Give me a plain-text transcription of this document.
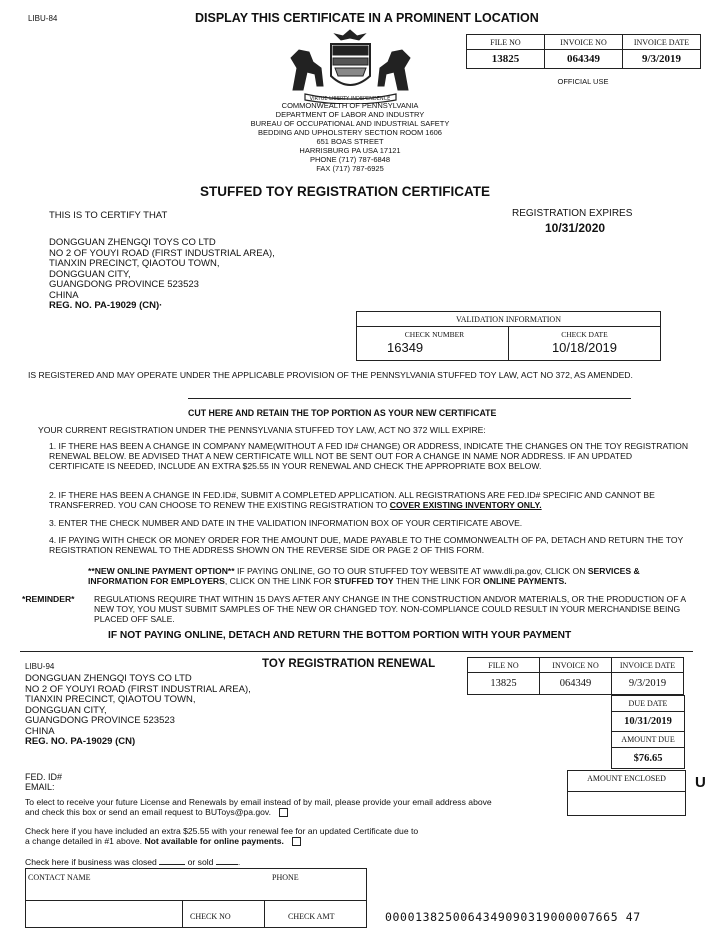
LIBU-84	DISPLAY THIS CERTIFICATE IN A PROMINENT LOCATION
VIRTUE LIBERTY INDEPENDENCE
FILE NO	INVOICE NO	INVOICE DATE
13825	064349	9/3/2019
OFFICIAL USE
COMMONWEALTH OF PENNSYLVANIA
DEPARTMENT OF LABOR AND INDUSTRY
BUREAU OF OCCUPATIONAL AND INDUSTRIAL SAFETY
BEDDING AND UPHOLSTERY SECTION ROOM 1606
651 BOAS STREET
HARRISBURG PA USA 17121
PHONE (717) 787-6848
FAX (717) 787-6925
STUFFED TOY REGISTRATION CERTIFICATE
THIS IS TO CERTIFY THAT	REGISTRATION EXPIRES
10/31/2020
DONGGUAN ZHENGQI TOYS CO LTD
NO 2 OF YOUYI ROAD (FIRST INDUSTRIAL AREA),
TIANXIN PRECINCT, QIAOTOU TOWN,
DONGGUAN CITY,
GUANGDONG PROVINCE 523523
CHINA
REG. NO. PA-19029 (CN)·
VALIDATION INFORMATION

CHECK NUMBER
16349

CHECK DATE
10/18/2019
IS REGISTERED AND MAY OPERATE UNDER THE APPLICABLE PROVISION OF THE PENNSYLVANIA STUFFED TOY LAW, ACT NO 372, AS AMENDED.
CUT HERE AND RETAIN THE TOP PORTION AS YOUR NEW CERTIFICATE
YOUR CURRENT REGISTRATION UNDER THE PENNSYLVANIA STUFFED TOY LAW, ACT NO 372 WILL EXPIRE:
1. IF THERE HAS BEEN A CHANGE IN COMPANY NAME(WITHOUT A FED ID# CHANGE) OR ADDRESS, INDICATE THE CHANGES ON THE TOY REGISTRATION RENEWAL BELOW. BE ADVISED THAT A NEW CERTIFICATE WILL NOT BE SENT OUT FOR A CHANGE IN NAME NOR ADDRESS. IF AN UPDATED CERTIFICATE IS NEEDED, INCLUDE AN EXTRA $25.55 IN YOUR RENEWAL AND CHECK THE APPROPRIATE BOX BELOW.
2. IF THERE HAS BEEN A CHANGE IN FED.ID#, SUBMIT A COMPLETED APPLICATION. ALL REGISTRATIONS ARE FED.ID# SPECIFIC AND CANNOT BE TRANSFERRED. YOU CAN CHOOSE TO RENEW THE EXISTING REGISTRATION TO COVER EXISTING INVENTORY ONLY.
3. ENTER THE CHECK NUMBER AND DATE IN THE VALIDATION INFORMATION BOX OF YOUR CERTIFICATE ABOVE.
4. IF PAYING WITH CHECK OR MONEY ORDER FOR THE AMOUNT DUE, MADE PAYABLE TO THE COMMONWEALTH OF PA, DETACH AND RETURN THE TOY REGISTRATION RENEWAL TO THE ADDRESS SHOWN ON THE REVERSE SIDE OR PAGE 2 OF THIS FORM.
**NEW ONLINE PAYMENT OPTION** IF PAYING ONLINE, GO TO OUR STUFFED TOY WEBSITE AT www.dli.pa.gov, CLICK ON SERVICES & INFORMATION FOR EMPLOYERS, CLICK ON THE LINK FOR STUFFED TOY THEN THE LINK FOR ONLINE PAYMENTS.
*REMINDER* REGULATIONS REQUIRE THAT WITHIN 15 DAYS AFTER ANY CHANGE IN THE CONSTRUCTION AND/OR MATERIALS, OR THE PRODUCTION OF A NEW TOY, YOU MUST SUBMIT SAMPLES OF THE NEW OR CHANGED TOY. NON-COMPLIANCE COULD RESULT IN YOUR MERCHANDISE BEING PLACED OFF SALE.
IF NOT PAYING ONLINE, DETACH AND RETURN THE BOTTOM PORTION WITH YOUR PAYMENT
LIBU-94	TOY REGISTRATION RENEWAL
DONGGUAN ZHENGQI TOYS CO LTD
NO 2 OF YOUYI ROAD (FIRST INDUSTRIAL AREA),
TIANXIN PRECINCT, QIAOTOU TOWN,
DONGGUAN CITY,
GUANGDONG PROVINCE 523523
CHINA
REG. NO. PA-19029 (CN)
FILE NO	INVOICE NO	INVOICE DATE
13825	064349	9/3/2019
DUE DATE
10/31/2019
AMOUNT DUE
$76.65
AMOUNT ENCLOSED	U
FED. ID#
EMAIL:
To elect to receive your future License and Renewals by email instead of by mail, please provide your email address above and check this box or send an email request to BUToys@pa.gov.
Check here if you have included an extra $25.55 with your renewal fee for an updated Certificate due to a change detailed in #1 above. Not available for online payments.
Check here if business was closed	or sold	.
CONTACT NAME	PHONE
CHECK NO	CHECK AMT	0000138250064349090319000007665 47
